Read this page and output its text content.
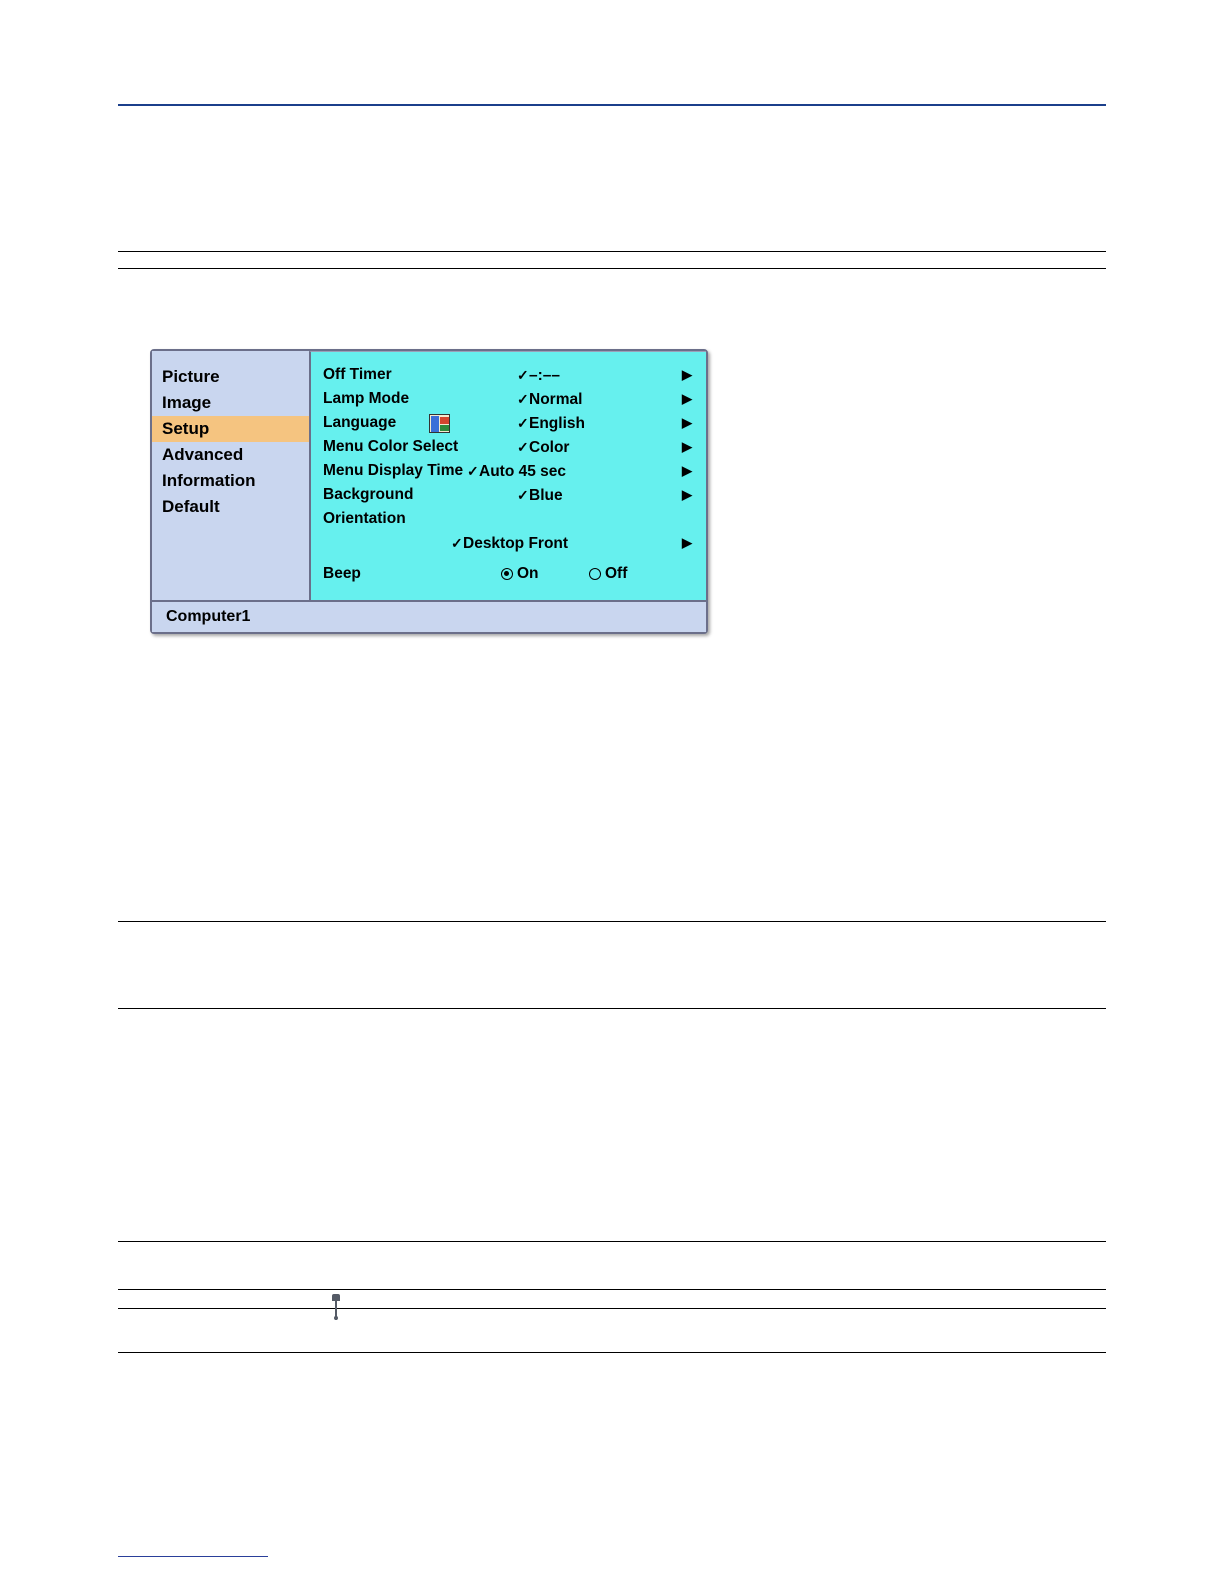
Picture
Image
Setup
Advanced
Information
Default
Off Timer	✓–:––	▶
Lamp Mode	✓Normal	▶
Language	✓English	▶
Menu Color Select	✓Color	▶
Menu Display Time ✓Auto 45 sec	▶
Background	✓Blue	▶
Orientation
✓Desktop Front	▶
Beep	On	Off
Computer1
